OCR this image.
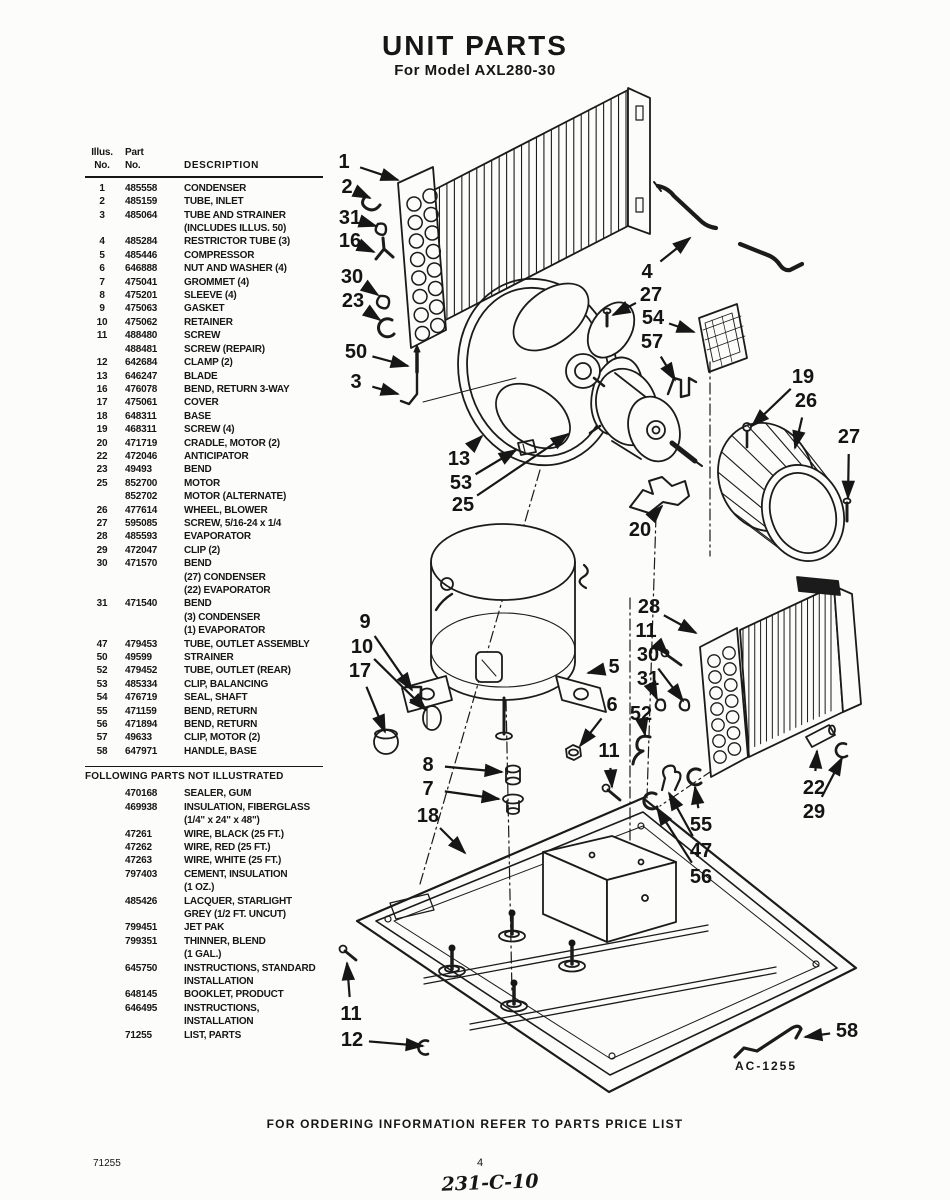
1
2
31
16
30
23
50
3
13
53
25
4
27
54
57
19
26
27
20
9
10
17	5
6
11
8
7
18
28
11
30
31
52
55
47
56
22
29
11
12	58
UNIT PARTS
For Model AXL280-30
Illus.	Part
No.	No.	DESCRIPTION
1	485558	CONDENSER
2	485159	TUBE, INLET
3	485064	TUBE AND STRAINER
(INCLUDES ILLUS. 50)
4	485284	RESTRICTOR TUBE (3)
5	485446	COMPRESSOR
6	646888	NUT AND WASHER (4)
7	475041	GROMMET (4)
8	475201	SLEEVE (4)
9	475063	GASKET
10	475062	RETAINER
11	488480	SCREW
488481	SCREW (REPAIR)
12	642684	CLAMP (2)
13	646247	BLADE
16	476078	BEND, RETURN 3-WAY
17	475061	COVER
18	648311	BASE
19	468311	SCREW (4)
20	471719	CRADLE, MOTOR (2)
22	472046	ANTICIPATOR
23	49493	BEND
25	852700	MOTOR
852702	MOTOR (ALTERNATE)
26	477614	WHEEL, BLOWER
27	595085	SCREW, 5/16-24 x 1/4
28	485593	EVAPORATOR
29	472047	CLIP (2)
30	471570	BEND
(27) CONDENSER
(22) EVAPORATOR
31	471540	BEND
(3) CONDENSER
(1) EVAPORATOR
47	479453	TUBE, OUTLET ASSEMBLY
50	49599	STRAINER
52	479452	TUBE, OUTLET (REAR)
53	485334	CLIP, BALANCING
54	476719	SEAL, SHAFT
55	471159	BEND, RETURN
56	471894	BEND, RETURN
57	49633	CLIP, MOTOR (2)
58	647971	HANDLE, BASE
FOLLOWING PARTS NOT ILLUSTRATED
470168	SEALER, GUM
469938	INSULATION, FIBERGLASS
(1/4" x 24" x 48")
47261	WIRE, BLACK (25 FT.)
47262	WIRE, RED (25 FT.)
47263	WIRE, WHITE (25 FT.)
797403	CEMENT, INSULATION
(1 OZ.)
485426	LACQUER, STARLIGHT
GREY (1/2 FT. UNCUT)
799451	JET PAK
799351	THINNER, BLEND
(1 GAL.)
645750	INSTRUCTIONS, STANDARD
INSTALLATION
648145	BOOKLET, PRODUCT
646495	INSTRUCTIONS,
INSTALLATION
71255	LIST, PARTS
AC-1255
FOR ORDERING INFORMATION REFER TO PARTS PRICE LIST
71255	4
231-C-10
